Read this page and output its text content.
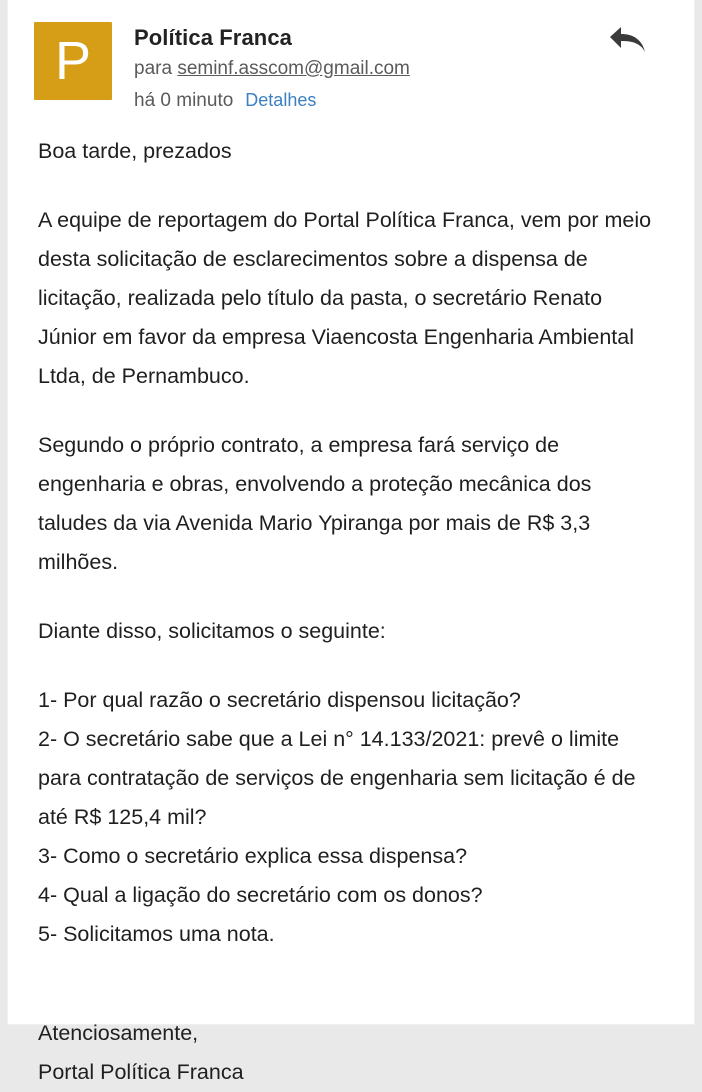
P	Política Franca
para seminf.asscom@gmail.com
há 0 minuto Detalhes

Boa tarde, prezados

A equipe de reportagem do Portal Política Franca, vem por meio desta solicitação de esclarecimentos sobre a dispensa de licitação, realizada pelo título da pasta, o secretário Renato Júnior em favor da empresa Viaencosta Engenharia Ambiental Ltda, de Pernambuco.

Segundo o próprio contrato, a empresa fará serviço de engenharia e obras, envolvendo a proteção mecânica dos taludes da via Avenida Mario Ypiranga por mais de R$ 3,3 milhões.

Diante disso, solicitamos o seguinte:

1- Por qual razão o secretário dispensou licitação?

2- O secretário sabe que a Lei n° 14.133/2021: prevê o limite para contratação de serviços de engenharia sem licitação é de até R$ 125,4 mil?

3- Como o secretário explica essa dispensa?

4- Qual a ligação do secretário com os donos?

5- Solicitamos uma nota.

Atenciosamente,

Portal Política Franca
